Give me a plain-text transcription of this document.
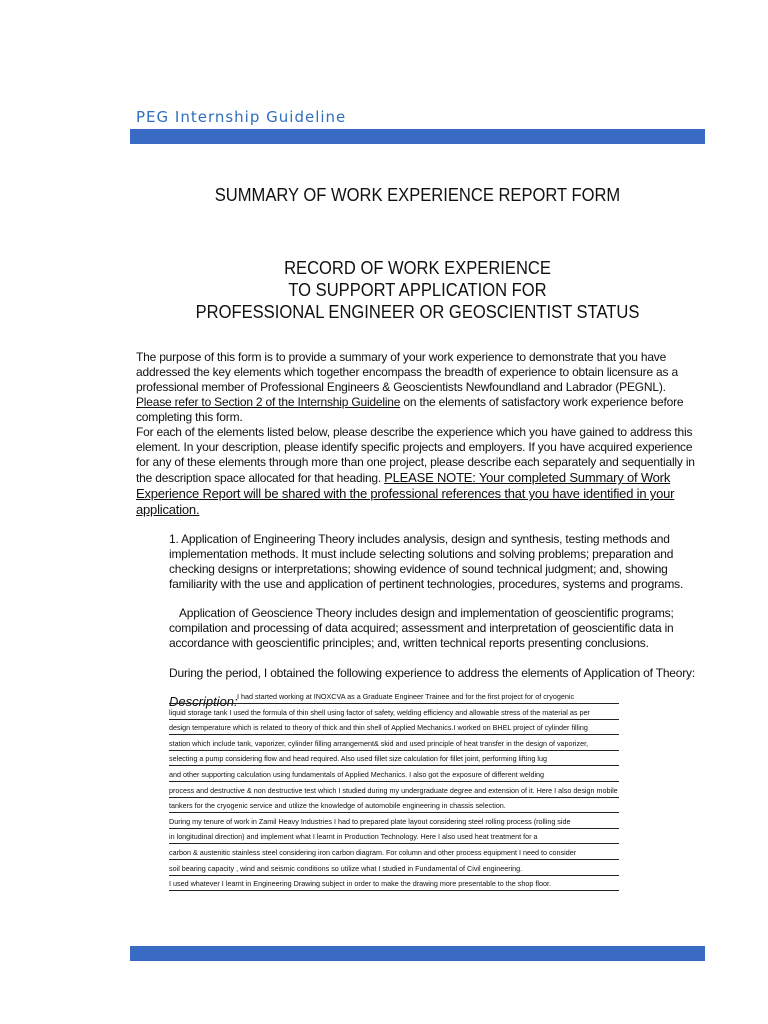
PEG Internship Guideline
SUMMARY OF WORK EXPERIENCE REPORT FORM
RECORD OF WORK EXPERIENCE
TO SUPPORT APPLICATION FOR
PROFESSIONAL ENGINEER OR GEOSCIENTIST STATUS
The purpose of this form is to provide a summary of your work experience to demonstrate that you have addressed the key elements which together encompass the breadth of experience to obtain licensure as a professional member of Professional Engineers & Geoscientists Newfoundland and Labrador (PEGNL). Please refer to Section 2 of the Internship Guideline on the elements of satisfactory work experience before completing this form.
For each of the elements listed below, please describe the experience which you have gained to address this element. In your description, please identify specific projects and employers. If you have acquired experience for any of these elements through more than one project, please describe each separately and sequentially in the description space allocated for that heading. PLEASE NOTE: Your completed Summary of Work Experience Report will be shared with the professional references that you have identified in your application.
1. Application of Engineering Theory includes analysis, design and synthesis, testing methods and implementation methods. It must include selecting solutions and solving problems; preparation and checking designs or interpretations; showing evidence of sound technical judgment; and, showing familiarity with the use and application of pertinent technologies, procedures, systems and programs.
Application of Geoscience Theory includes design and implementation of geoscientific programs; compilation and processing of data acquired; assessment and interpretation of geoscientific data in accordance with geoscientific principles; and, written technical reports presenting conclusions.
During the period, I obtained the following experience to address the elements of Application of Theory:
Description: I had started working at INOXCVA as a Graduate Engineer Trainee and for the first project for of cryogenic
liquid storage tank I used the formula of thin shell using factor of safety, welding efficiency and allowable stress of the material as per
design temperature which is related to theory of thick and thin shell of Applied Mechanics.I worked on BHEL project of cylinder filling
station which include tank, vaporizer, cylinder filling arrangement& skid and used principle of heat transfer in the design of vaporizer,
selecting a pump considering flow and head required. Also used fillet size calculation for fillet joint, performing lifting lug
and other supporting calculation using fundamentals of Applied Mechanics. I also got the exposure of different welding
process and destructive & non destructive test which I studied during my undergraduate degree and extension of it. Here I also design mobile
tankers for the cryogenic service and utilize the knowledge of automobile engineering in chassis selection.
During my tenure of work in Zamil Heavy Industries I had to prepared plate layout considering steel rolling process (rolling side
in longitudinal direction) and implement what I learnt in Production Technology. Here I also used heat treatment for a
carbon & austenitic stainless steel considering iron carbon diagram. For column and other process equipment I need to consider
soil bearing capacity , wind and seismic conditions so utilize what I studied in Fundamental of Civil engineering.
I used whatever I learnt in Engineering Drawing subject in order to make the drawing more presentable to the shop floor.
